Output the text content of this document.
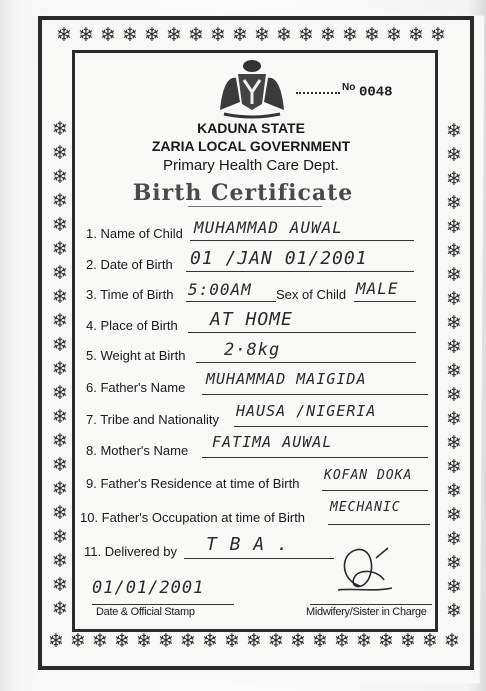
❄ ❄ ❄ ❄ ❄ ❄ ❄ ❄ ❄ ❄ ❄ ❄ ❄ ❄ ❄ ❄ ❄ ❄
❄ ❄ ❄ ❄ ❄ ❄ ❄ ❄ ❄ ❄ ❄ ❄ ❄ ❄ ❄ ❄ ❄ ❄ ❄
❄
❄
❄
❄
❄
❄
❄
❄
❄
❄
❄
❄
❄
❄
❄
❄
❄
❄
❄
❄
❄
❄
❄
❄
❄
❄
❄
❄
❄
❄
❄
❄
❄
❄
❄
❄
❄
❄
❄
❄
❄
❄
$^{No}$ 0048
KADUNA STATE
ZARIA LOCAL GOVERNMENT
Primary Health Care Dept.
Birth Certificate
1. Name of Child MUHAMMAD AUWAL
2. Date of Birth 01 /JAN 01/2001
3. Time of Birth 5:00AM Sex of Child MALE
4. Place of Birth AT HOME
5. Weight at Birth 2·8kg
6. Father's Name MUHAMMAD MAIGIDA
7. Tribe and Nationality HAUSA /NIGERIA
8. Mother's Name FATIMA AUWAL
9. Father's Residence at time of Birth
KOFAN DOKA
10. Father's Occupation at time of Birth
MECHANIC
11. Delivered by T B A .
01/01/2001
Date & Official Stamp	Midwifery/Sister in Charge
